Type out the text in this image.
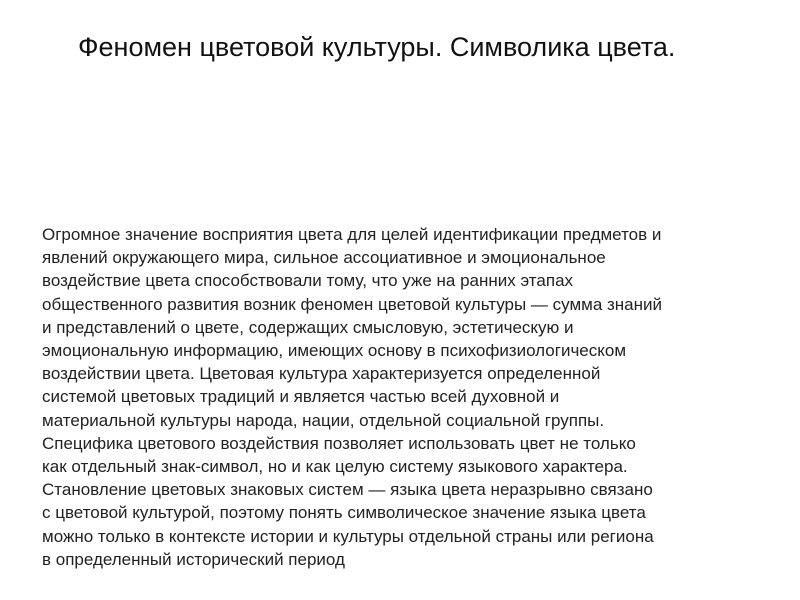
Феномен цветовой культуры. Символика цвета.
Огромное значение восприятия цвета для целей идентификации предметов и
явлений окружающего мира, сильное ассоциативное и эмоциональное
воздействие цвета способствовали тому, что уже на ранних этапах
общественного развития возник феномен цветовой культуры — сумма знаний
и представлений о цвете, содержащих смысловую, эстетическую и
эмоциональную информацию, имеющих основу в психофизиологическом
воздействии цвета. Цветовая культура характеризуется определенной
системой цветовых традиций и является частью всей духовной и
материальной культуры народа, нации, отдельной социальной группы.
Специфика цветового воздействия позволяет использовать цвет не только
как отдельный знак-символ, но и как целую систему языкового характера.
Становление цветовых знаковых систем — языка цвета неразрывно связано
с цветовой культурой, поэтому понять символическое значение языка цвета
можно только в контексте истории и культуры отдельной страны или региона
в определенный исторический период
